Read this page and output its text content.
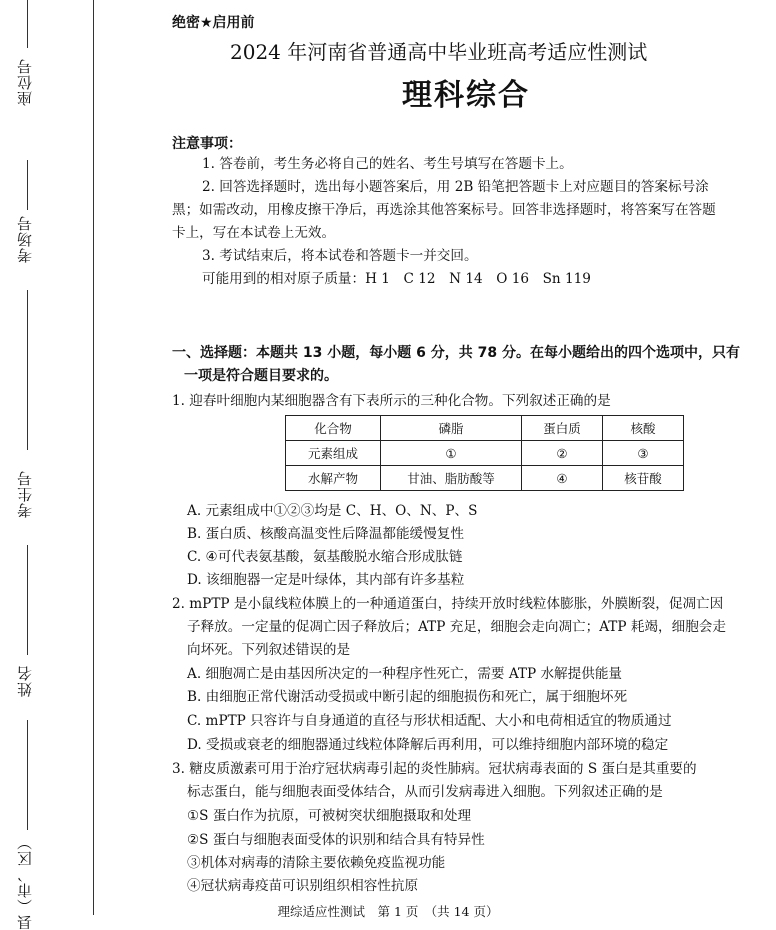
座位号
考场号
考生号
姓名
县（市、区）
绝密★启用前
2024 年河南省普通高中毕业班高考适应性测试
理科综合
注意事项：
1. 答卷前，考生务必将自己的姓名、考生号填写在答题卡上。
2. 回答选择题时，选出每小题答案后，用 2B 铅笔把答题卡上对应题目的答案标号涂
黑；如需改动，用橡皮擦干净后，再选涂其他答案标号。回答非选择题时，将答案写在答题
卡上，写在本试卷上无效。
3. 考试结束后，将本试卷和答题卡一并交回。
可能用到的相对原子质量：H 1　C 12　N 14　O 16　Sn 119
一、选择题：本题共 13 小题，每小题 6 分，共 78 分。在每小题给出的四个选项中，只有
一项是符合题目要求的。
1. 迎春叶细胞内某细胞器含有下表所示的三种化合物。下列叙述正确的是
化合物	磷脂	蛋白质	核酸
元素组成	①	②	③
水解产物	甘油、脂肪酸等	④	核苷酸
A. 元素组成中①②③均是 C、H、O、N、P、S
B. 蛋白质、核酸高温变性后降温都能缓慢复性
C. ④可代表氨基酸，氨基酸脱水缩合形成肽链
D. 该细胞器一定是叶绿体，其内部有许多基粒
2. mPTP 是小鼠线粒体膜上的一种通道蛋白，持续开放时线粒体膨胀，外膜断裂，促凋亡因
子释放。一定量的促凋亡因子释放后；ATP 充足，细胞会走向凋亡；ATP 耗竭，细胞会走
向坏死。下列叙述错误的是
A. 细胞凋亡是由基因所决定的一种程序性死亡，需要 ATP 水解提供能量
B. 由细胞正常代谢活动受损或中断引起的细胞损伤和死亡，属于细胞坏死
C. mPTP 只容许与自身通道的直径与形状相适配、大小和电荷相适宜的物质通过
D. 受损或衰老的细胞器通过线粒体降解后再利用，可以维持细胞内部环境的稳定
3. 糖皮质激素可用于治疗冠状病毒引起的炎性肺病。冠状病毒表面的 S 蛋白是其重要的
标志蛋白，能与细胞表面受体结合，从而引发病毒进入细胞。下列叙述正确的是
①S 蛋白作为抗原，可被树突状细胞摄取和处理
②S 蛋白与细胞表面受体的识别和结合具有特异性
③机体对病毒的清除主要依赖免疫监视功能
④冠状病毒疫苗可识别组织相容性抗原
理综适应性测试　第 1 页　（共 14 页）
